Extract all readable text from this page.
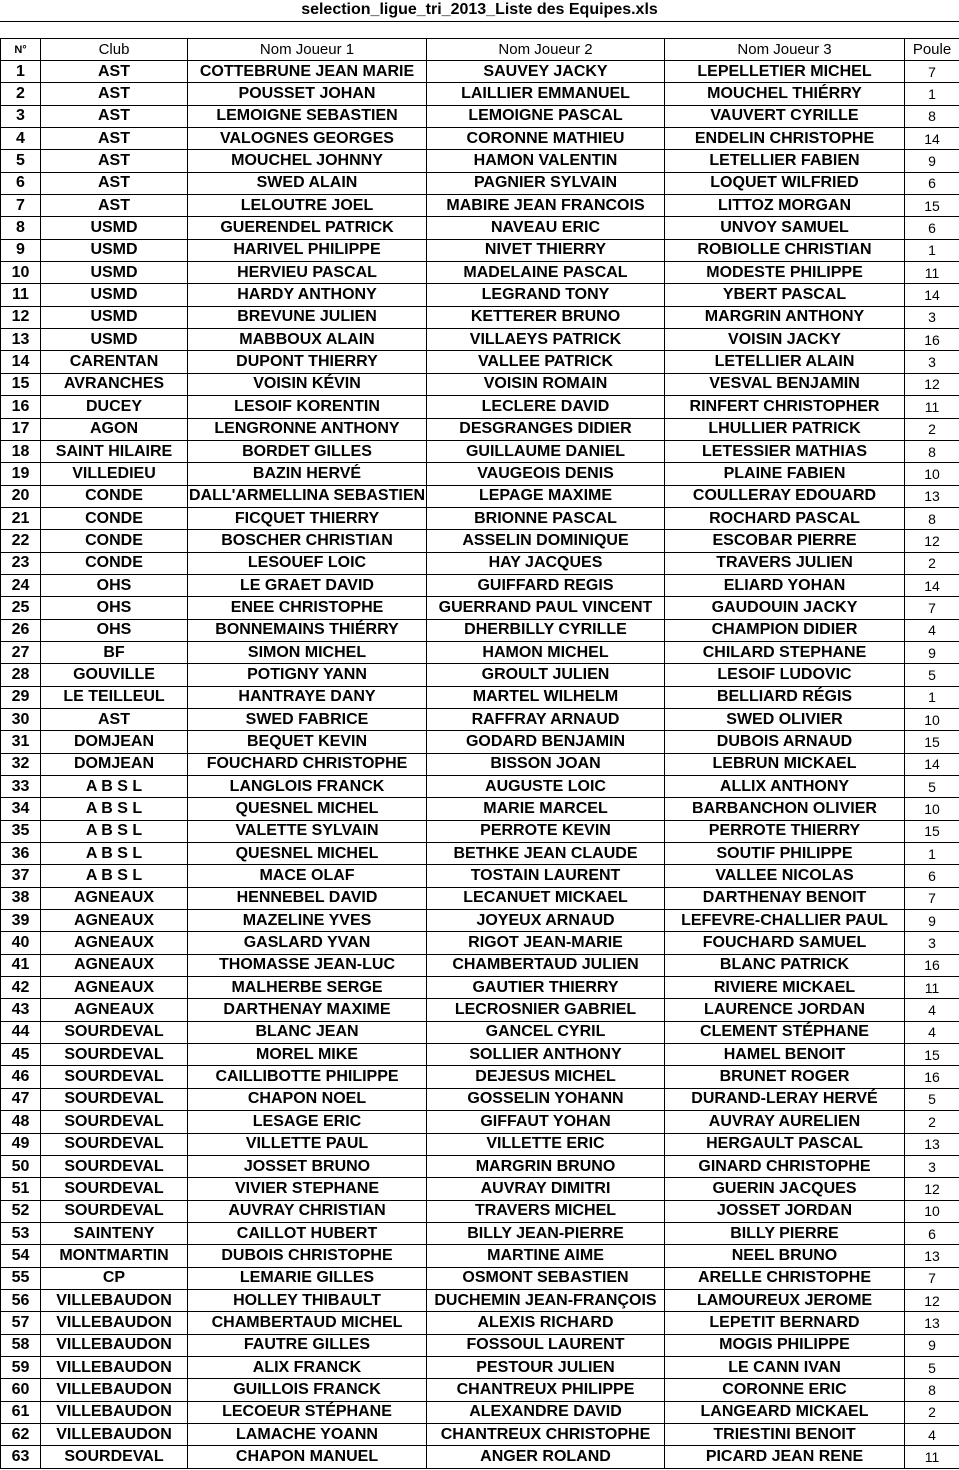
selection_ligue_tri_2013_Liste des Equipes.xls
N°	Club	Nom Joueur 1	Nom Joueur 2	Nom Joueur 3	Poule
1	AST	COTTEBRUNE JEAN MARIE	SAUVEY JACKY	LEPELLETIER MICHEL	7
2	AST	POUSSET JOHAN	LAILLIER EMMANUEL	MOUCHEL THIÉRRY	1
3	AST	LEMOIGNE SEBASTIEN	LEMOIGNE PASCAL	VAUVERT CYRILLE	8
4	AST	VALOGNES GEORGES	CORONNE MATHIEU	ENDELIN CHRISTOPHE	14
5	AST	MOUCHEL JOHNNY	HAMON VALENTIN	LETELLIER FABIEN	9
6	AST	SWED ALAIN	PAGNIER SYLVAIN	LOQUET WILFRIED	6
7	AST	LELOUTRE JOEL	MABIRE JEAN FRANCOIS	LITTOZ MORGAN	15
8	USMD	GUERENDEL PATRICK	NAVEAU ERIC	UNVOY SAMUEL	6
9	USMD	HARIVEL PHILIPPE	NIVET THIERRY	ROBIOLLE CHRISTIAN	1
10	USMD	HERVIEU PASCAL	MADELAINE PASCAL	MODESTE PHILIPPE	11
11	USMD	HARDY ANTHONY	LEGRAND TONY	YBERT PASCAL	14
12	USMD	BREVUNE JULIEN	KETTERER BRUNO	MARGRIN ANTHONY	3
13	USMD	MABBOUX ALAIN	VILLAEYS PATRICK	VOISIN JACKY	16
14	CARENTAN	DUPONT THIERRY	VALLEE PATRICK	LETELLIER ALAIN	3
15	AVRANCHES	VOISIN KÉVIN	VOISIN ROMAIN	VESVAL BENJAMIN	12
16	DUCEY	LESOIF KORENTIN	LECLERE DAVID	RINFERT CHRISTOPHER	11
17	AGON	LENGRONNE ANTHONY	DESGRANGES DIDIER	LHULLIER PATRICK	2
18	SAINT HILAIRE	BORDET GILLES	GUILLAUME DANIEL	LETESSIER MATHIAS	8
19	VILLEDIEU	BAZIN HERVÉ	VAUGEOIS DENIS	PLAINE FABIEN	10
20	CONDE	DALL'ARMELLINA SEBASTIEN	LEPAGE MAXIME	COULLERAY EDOUARD	13
21	CONDE	FICQUET THIERRY	BRIONNE PASCAL	ROCHARD PASCAL	8
22	CONDE	BOSCHER CHRISTIAN	ASSELIN DOMINIQUE	ESCOBAR PIERRE	12
23	CONDE	LESOUEF LOIC	HAY JACQUES	TRAVERS JULIEN	2
24	OHS	LE GRAET DAVID	GUIFFARD REGIS	ELIARD YOHAN	14
25	OHS	ENEE CHRISTOPHE	GUERRAND PAUL VINCENT	GAUDOUIN JACKY	7
26	OHS	BONNEMAINS THIÉRRY	DHERBILLY CYRILLE	CHAMPION DIDIER	4
27	BF	SIMON MICHEL	HAMON MICHEL	CHILARD STEPHANE	9
28	GOUVILLE	POTIGNY YANN	GROULT JULIEN	LESOIF LUDOVIC	5
29	LE TEILLEUL	HANTRAYE DANY	MARTEL WILHELM	BELLIARD RÉGIS	1
30	AST	SWED FABRICE	RAFFRAY ARNAUD	SWED OLIVIER	10
31	DOMJEAN	BEQUET KEVIN	GODARD BENJAMIN	DUBOIS ARNAUD	15
32	DOMJEAN	FOUCHARD CHRISTOPHE	BISSON JOAN	LEBRUN MICKAEL	14
33	A B S L	LANGLOIS FRANCK	AUGUSTE LOIC	ALLIX ANTHONY	5
34	A B S L	QUESNEL MICHEL	MARIE MARCEL	BARBANCHON OLIVIER	10
35	A B S L	VALETTE SYLVAIN	PERROTE KEVIN	PERROTE THIERRY	15
36	A B S L	QUESNEL MICHEL	BETHKE JEAN CLAUDE	SOUTIF PHILIPPE	1
37	A B S L	MACE OLAF	TOSTAIN LAURENT	VALLEE NICOLAS	6
38	AGNEAUX	HENNEBEL DAVID	LECANUET MICKAEL	DARTHENAY BENOIT	7
39	AGNEAUX	MAZELINE YVES	JOYEUX ARNAUD	LEFEVRE-CHALLIER PAUL	9
40	AGNEAUX	GASLARD YVAN	RIGOT JEAN-MARIE	FOUCHARD SAMUEL	3
41	AGNEAUX	THOMASSE JEAN-LUC	CHAMBERTAUD JULIEN	BLANC PATRICK	16
42	AGNEAUX	MALHERBE SERGE	GAUTIER THIERRY	RIVIERE MICKAEL	11
43	AGNEAUX	DARTHENAY MAXIME	LECROSNIER GABRIEL	LAURENCE JORDAN	4
44	SOURDEVAL	BLANC JEAN	GANCEL CYRIL	CLEMENT STÉPHANE	4
45	SOURDEVAL	MOREL MIKE	SOLLIER ANTHONY	HAMEL BENOIT	15
46	SOURDEVAL	CAILLIBOTTE PHILIPPE	DEJESUS MICHEL	BRUNET ROGER	16
47	SOURDEVAL	CHAPON NOEL	GOSSELIN YOHANN	DURAND-LERAY HERVÉ	5
48	SOURDEVAL	LESAGE ERIC	GIFFAUT YOHAN	AUVRAY AURELIEN	2
49	SOURDEVAL	VILLETTE PAUL	VILLETTE ERIC	HERGAULT PASCAL	13
50	SOURDEVAL	JOSSET BRUNO	MARGRIN BRUNO	GINARD CHRISTOPHE	3
51	SOURDEVAL	VIVIER STEPHANE	AUVRAY DIMITRI	GUERIN JACQUES	12
52	SOURDEVAL	AUVRAY CHRISTIAN	TRAVERS MICHEL	JOSSET JORDAN	10
53	SAINTENY	CAILLOT HUBERT	BILLY JEAN-PIERRE	BILLY PIERRE	6
54	MONTMARTIN	DUBOIS CHRISTOPHE	MARTINE AIME	NEEL BRUNO	13
55	CP	LEMARIE GILLES	OSMONT SEBASTIEN	ARELLE CHRISTOPHE	7
56	VILLEBAUDON	HOLLEY THIBAULT	DUCHEMIN JEAN-FRANÇOIS	LAMOUREUX JEROME	12
57	VILLEBAUDON	CHAMBERTAUD MICHEL	ALEXIS RICHARD	LEPETIT BERNARD	13
58	VILLEBAUDON	FAUTRE GILLES	FOSSOUL LAURENT	MOGIS PHILIPPE	9
59	VILLEBAUDON	ALIX FRANCK	PESTOUR JULIEN	LE CANN IVAN	5
60	VILLEBAUDON	GUILLOIS FRANCK	CHANTREUX PHILIPPE	CORONNE ERIC	8
61	VILLEBAUDON	LECOEUR STÉPHANE	ALEXANDRE DAVID	LANGEARD MICKAEL	2
62	VILLEBAUDON	LAMACHE YOANN	CHANTREUX CHRISTOPHE	TRIESTINI BENOIT	4
63	SOURDEVAL	CHAPON MANUEL	ANGER ROLAND	PICARD JEAN RENE	11
